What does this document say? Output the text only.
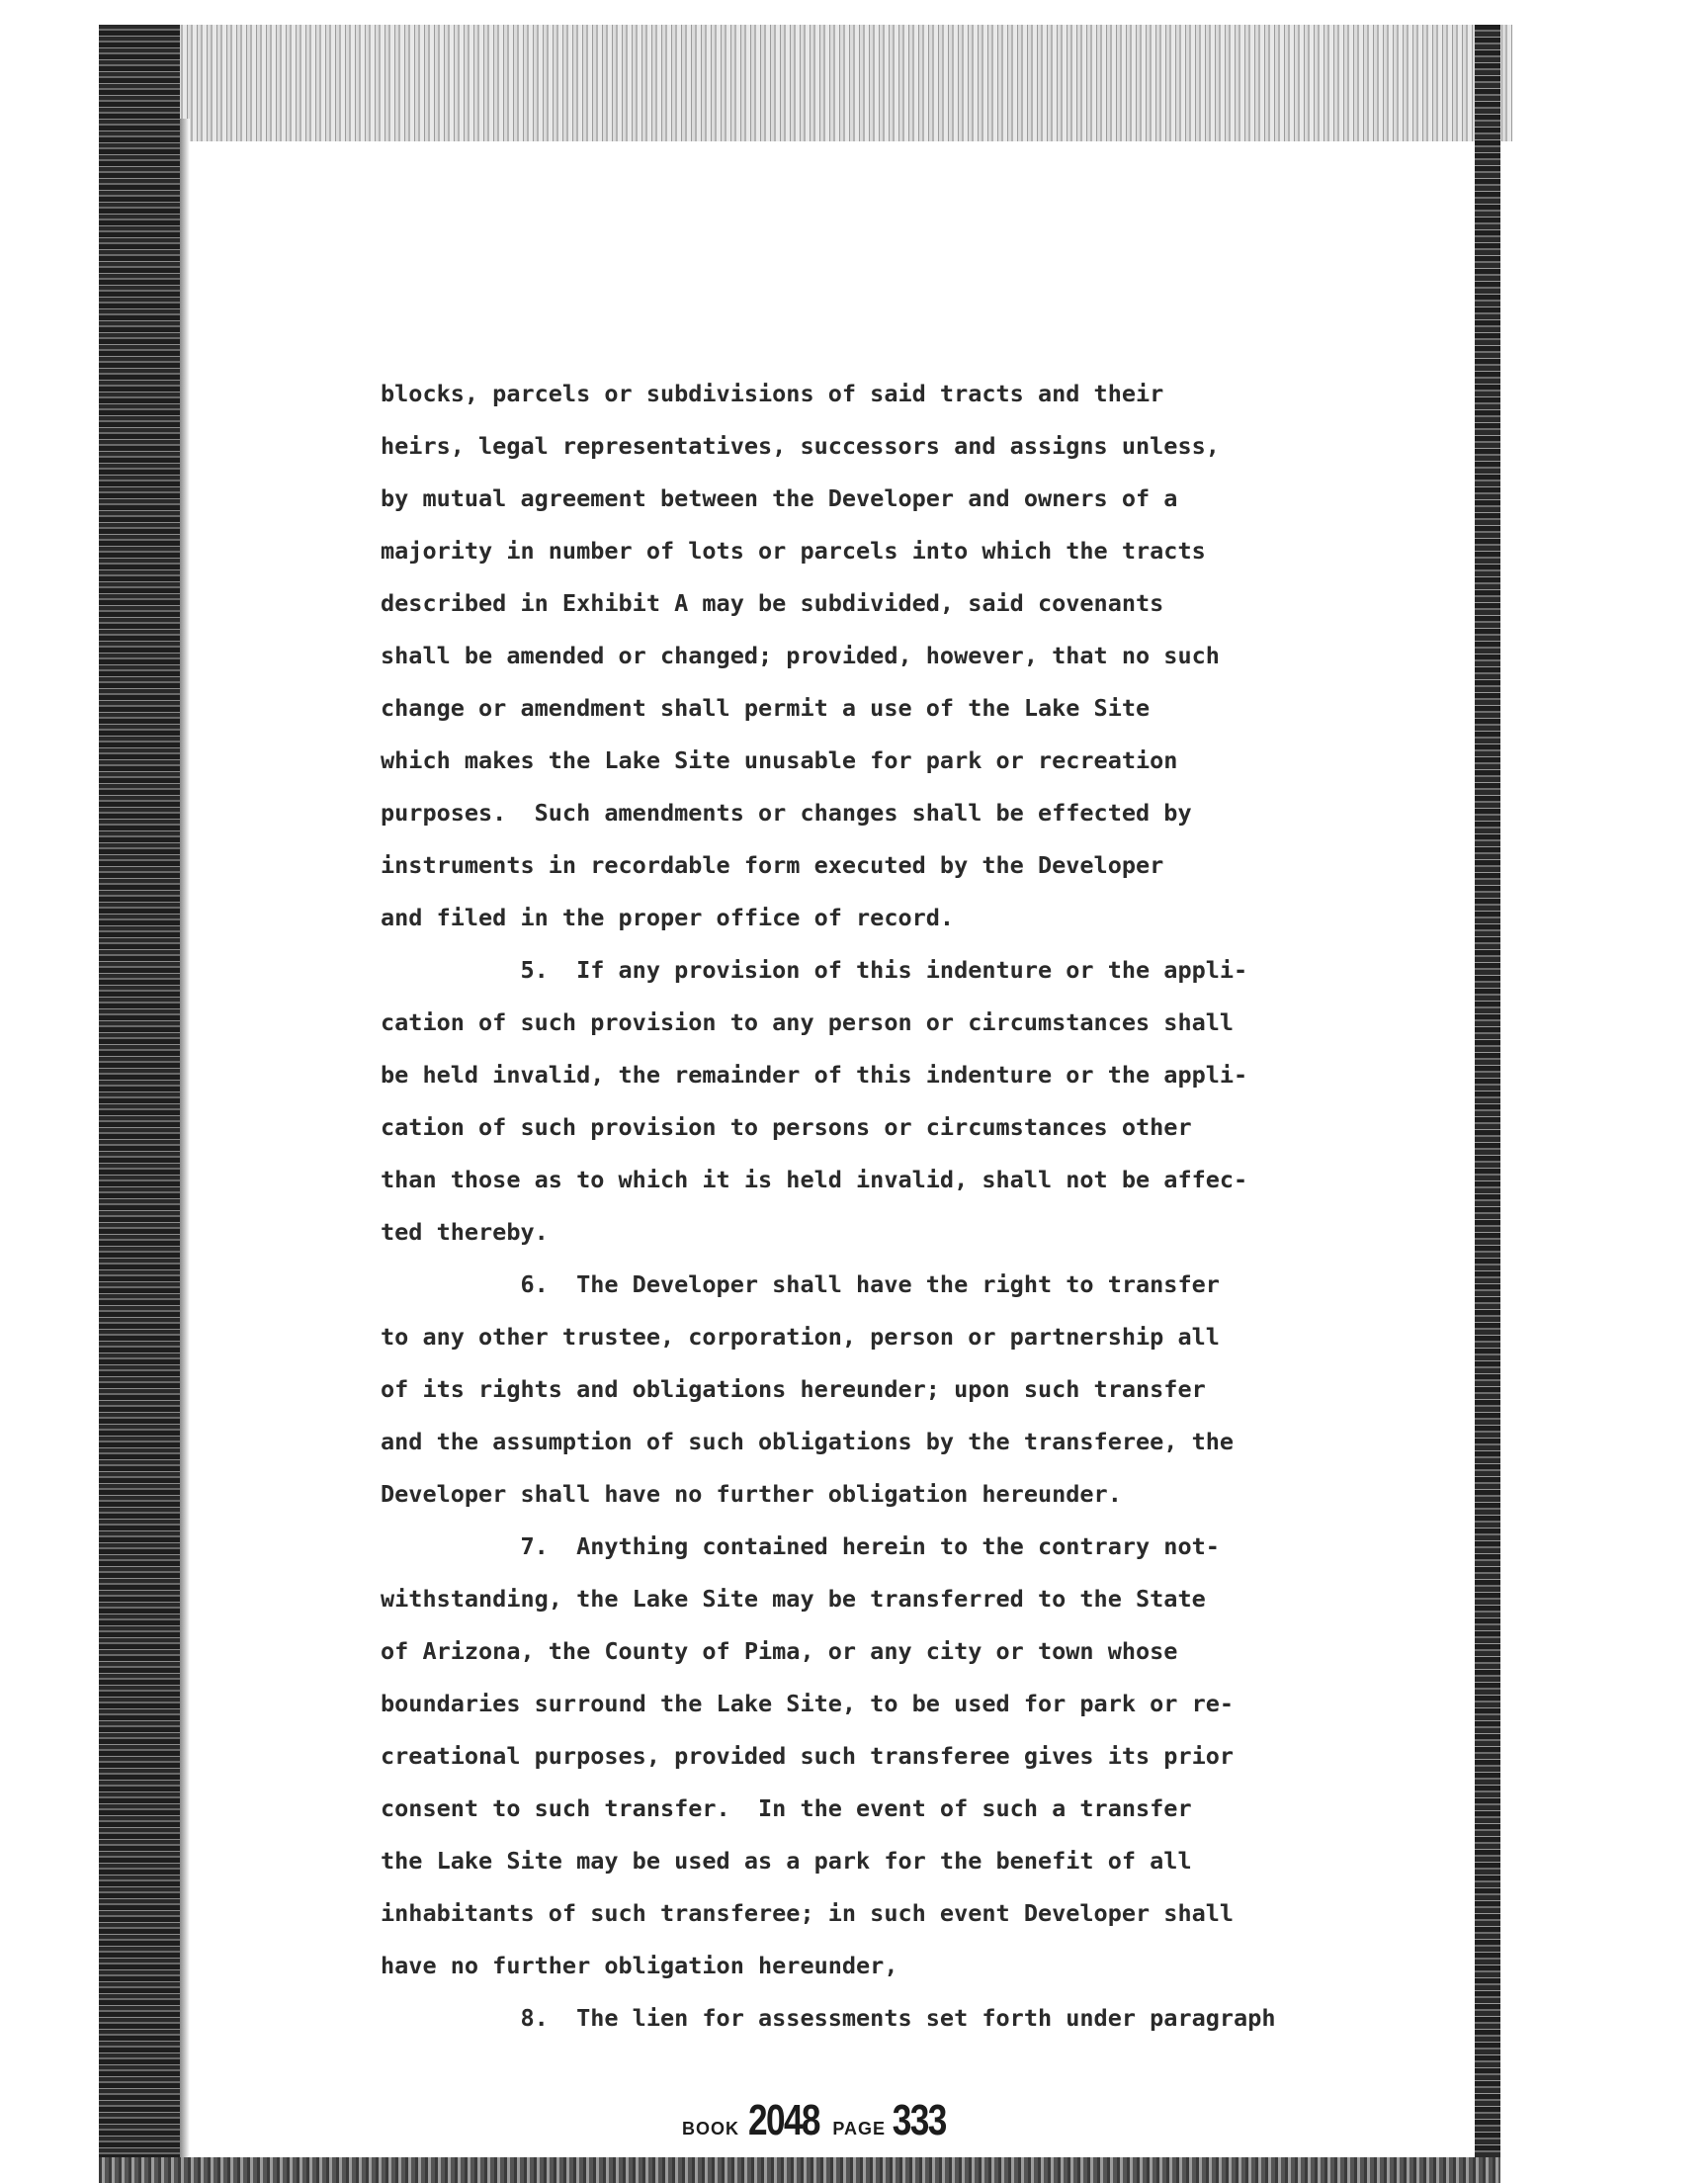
blocks, parcels or subdivisions of said tracts and their
heirs, legal representatives, successors and assigns unless,
by mutual agreement between the Developer and owners of a
majority in number of lots or parcels into which the tracts
described in Exhibit A may be subdivided, said covenants
shall be amended or changed; provided, however, that no such
change or amendment shall permit a use of the Lake Site
which makes the Lake Site unusable for park or recreation
purposes.  Such amendments or changes shall be effected by
instruments in recordable form executed by the Developer
and filed in the proper office of record.
5.  If any provision of this indenture or the appli-
cation of such provision to any person or circumstances shall
be held invalid, the remainder of this indenture or the appli-
cation of such provision to persons or circumstances other
than those as to which it is held invalid, shall not be affec-
ted thereby.
6.  The Developer shall have the right to transfer
to any other trustee, corporation, person or partnership all
of its rights and obligations hereunder; upon such transfer
and the assumption of such obligations by the transferee, the
Developer shall have no further obligation hereunder.
7.  Anything contained herein to the contrary not-
withstanding, the Lake Site may be transferred to the State
of Arizona, the County of Pima, or any city or town whose
boundaries surround the Lake Site, to be used for park or re-
creational purposes, provided such transferee gives its prior
consent to such transfer.  In the event of such a transfer
the Lake Site may be used as a park for the benefit of all
inhabitants of such transferee; in such event Developer shall
have no further obligation hereunder,
8.  The lien for assessments set forth under paragraph
BOOK 2048 PAGE 333
